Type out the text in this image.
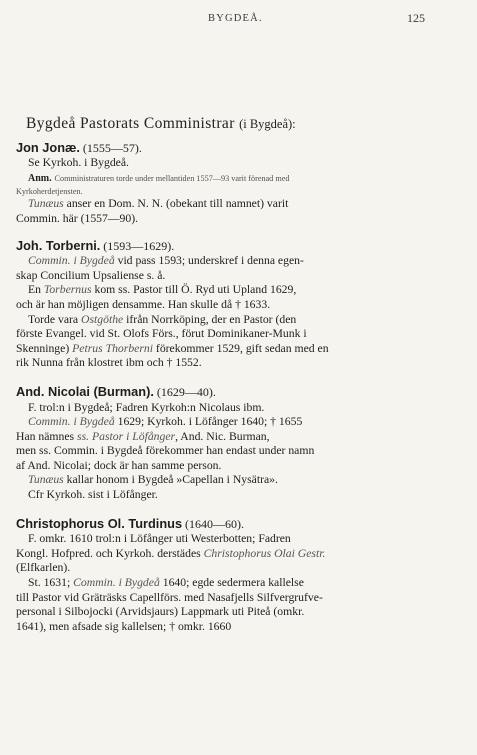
BYGDEÅ.	125
Bygdeå Pastorats Comministrar (i Bygdeå):
Jon Jonæ. (1555—57).
Se Kyrkoh. i Bygdeå.
Anm. Comministraturen torde under mellantiden 1557—93 varit förenad med
Kyrkoherdetjensten.
Tunæus anser en Dom. N. N. (obekant till namnet) varit
Commin. här (1557—90).
Joh. Torberni. (1593—1629).
Commin. i Bygdeå vid pass 1593; underskref i denna egen-
skap Concilium Upsaliense s. å.
En Torbernus kom ss. Pastor till Ö. Ryd uti Upland 1629,
och är han möjligen densamme. Han skulle då † 1633.
Torde vara Ostgöthe ifrån Norrköping, der en Pastor (den
förste Evangel. vid St. Olofs Förs., förut Dominikaner-Munk i
Skenninge) Petrus Thorberni förekommer 1529, gift sedan med en
rik Nunna från klostret ibm och † 1552.
And. Nicolai (Burman). (1629—40).
F. trol:n i Bygdeå; Fadren Kyrkoh:n Nicolaus ibm.
Commin. i Bygdeå 1629; Kyrkoh. i Löfånger 1640; † 1655
Han nämnes ss. Pastor i Löfånger, And. Nic. Burman,
men ss. Commin. i Bygdeå förekommer han endast under namn
af And. Nicolai; dock är han samme person.
Tunæus kallar honom i Bygdeå »Capellan i Nysätra».
Cfr Kyrkoh. sist i Löfånger.
Christophorus Ol. Turdinus (1640—60).
F. omkr. 1610 trol:n i Löfånger uti Westerbotten; Fadren
Kongl. Hofpred. och Kyrkoh. derstädes Christophorus Olai Gestr.
(Elfkarlen).
St. 1631; Commin. i Bygdeå 1640; egde sedermera kallelse
till Pastor vid Gräträsks Capellförs. med Nasafjells Silfvergrufve-
personal i Silbojocki (Arvidsjaurs) Lappmark uti Piteå (omkr.
1641), men afsade sig kallelsen; † omkr. 1660
